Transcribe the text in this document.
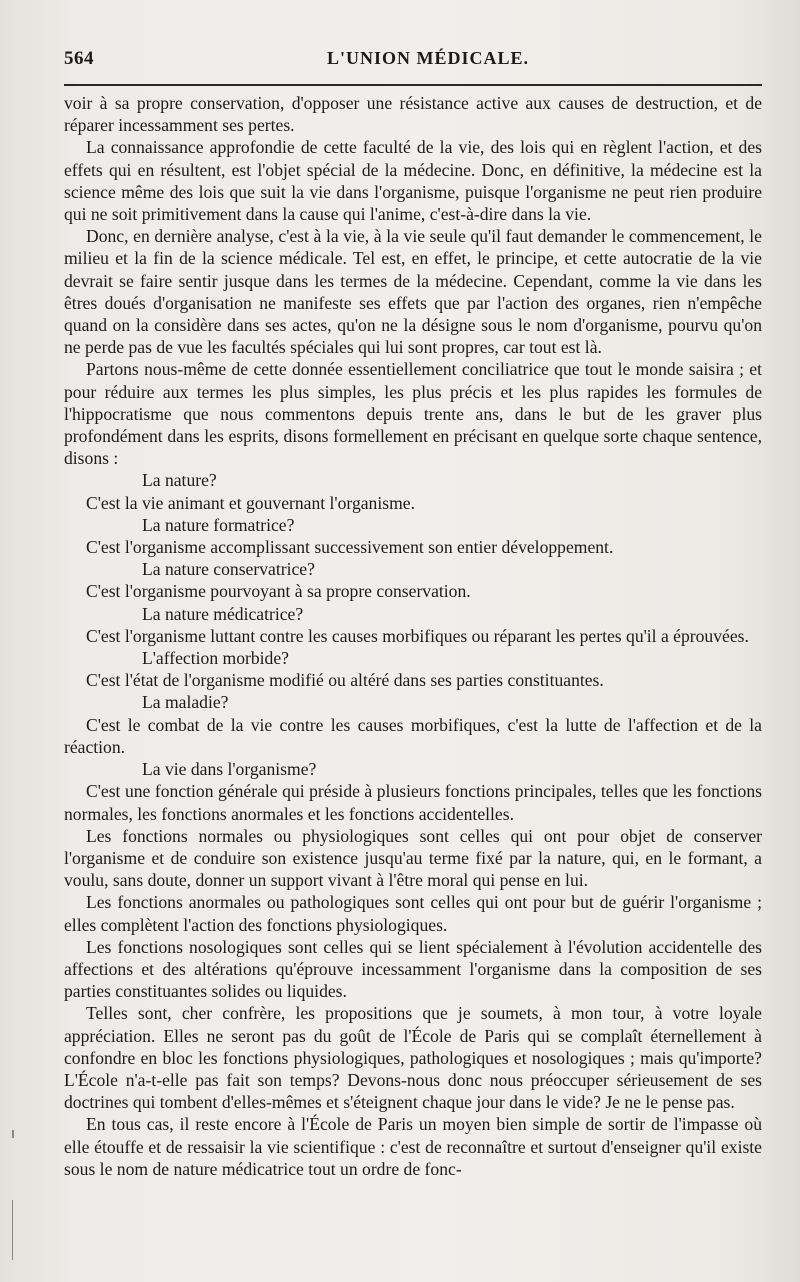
564	L'UNION MÉDICALE.

voir à sa propre conservation, d'opposer une résistance active aux causes de destruction, et de réparer incessamment ses pertes.

La connaissance approfondie de cette faculté de la vie, des lois qui en règlent l'action, et des effets qui en résultent, est l'objet spécial de la médecine. Donc, en définitive, la médecine est la science même des lois que suit la vie dans l'organisme, puisque l'organisme ne peut rien produire qui ne soit primitivement dans la cause qui l'anime, c'est-à-dire dans la vie.

Donc, en dernière analyse, c'est à la vie, à la vie seule qu'il faut demander le commencement, le milieu et la fin de la science médicale. Tel est, en effet, le principe, et cette autocratie de la vie devrait se faire sentir jusque dans les termes de la médecine. Cependant, comme la vie dans les êtres doués d'organisation ne manifeste ses effets que par l'action des organes, rien n'empêche quand on la considère dans ses actes, qu'on ne la désigne sous le nom d'organisme, pourvu qu'on ne perde pas de vue les facultés spéciales qui lui sont propres, car tout est là.

Partons nous-même de cette donnée essentiellement conciliatrice que tout le monde saisira ; et pour réduire aux termes les plus simples, les plus précis et les plus rapides les formules de l'hippocratisme que nous commentons depuis trente ans, dans le but de les graver plus profondément dans les esprits, disons formellement en précisant en quelque sorte chaque sentence, disons :

La nature?

C'est la vie animant et gouvernant l'organisme.

La nature formatrice?

C'est l'organisme accomplissant successivement son entier développement.

La nature conservatrice?

C'est l'organisme pourvoyant à sa propre conservation.

La nature médicatrice?

C'est l'organisme luttant contre les causes morbifiques ou réparant les pertes qu'il a éprouvées.

L'affection morbide?

C'est l'état de l'organisme modifié ou altéré dans ses parties constituantes.

La maladie?

C'est le combat de la vie contre les causes morbifiques, c'est la lutte de l'affection et de la réaction.

La vie dans l'organisme?

C'est une fonction générale qui préside à plusieurs fonctions principales, telles que les fonctions normales, les fonctions anormales et les fonctions accidentelles.

Les fonctions normales ou physiologiques sont celles qui ont pour objet de conserver l'organisme et de conduire son existence jusqu'au terme fixé par la nature, qui, en le formant, a voulu, sans doute, donner un support vivant à l'être moral qui pense en lui.

Les fonctions anormales ou pathologiques sont celles qui ont pour but de guérir l'organisme ; elles complètent l'action des fonctions physiologiques.

Les fonctions nosologiques sont celles qui se lient spécialement à l'évolution accidentelle des affections et des altérations qu'éprouve incessamment l'organisme dans la composition de ses parties constituantes solides ou liquides.

Telles sont, cher confrère, les propositions que je soumets, à mon tour, à votre loyale appréciation. Elles ne seront pas du goût de l'École de Paris qui se complaît éternellement à confondre en bloc les fonctions physiologiques, pathologiques et nosologiques ; mais qu'importe? L'École n'a-t-elle pas fait son temps? Devons-nous donc nous préoccuper sérieusement de ses doctrines qui tombent d'elles-mêmes et s'éteignent chaque jour dans le vide? Je ne le pense pas.

En tous cas, il reste encore à l'École de Paris un moyen bien simple de sortir de l'impasse où elle étouffe et de ressaisir la vie scientifique : c'est de reconnaître et surtout d'enseigner qu'il existe sous le nom de nature médicatrice tout un ordre de fonc-
